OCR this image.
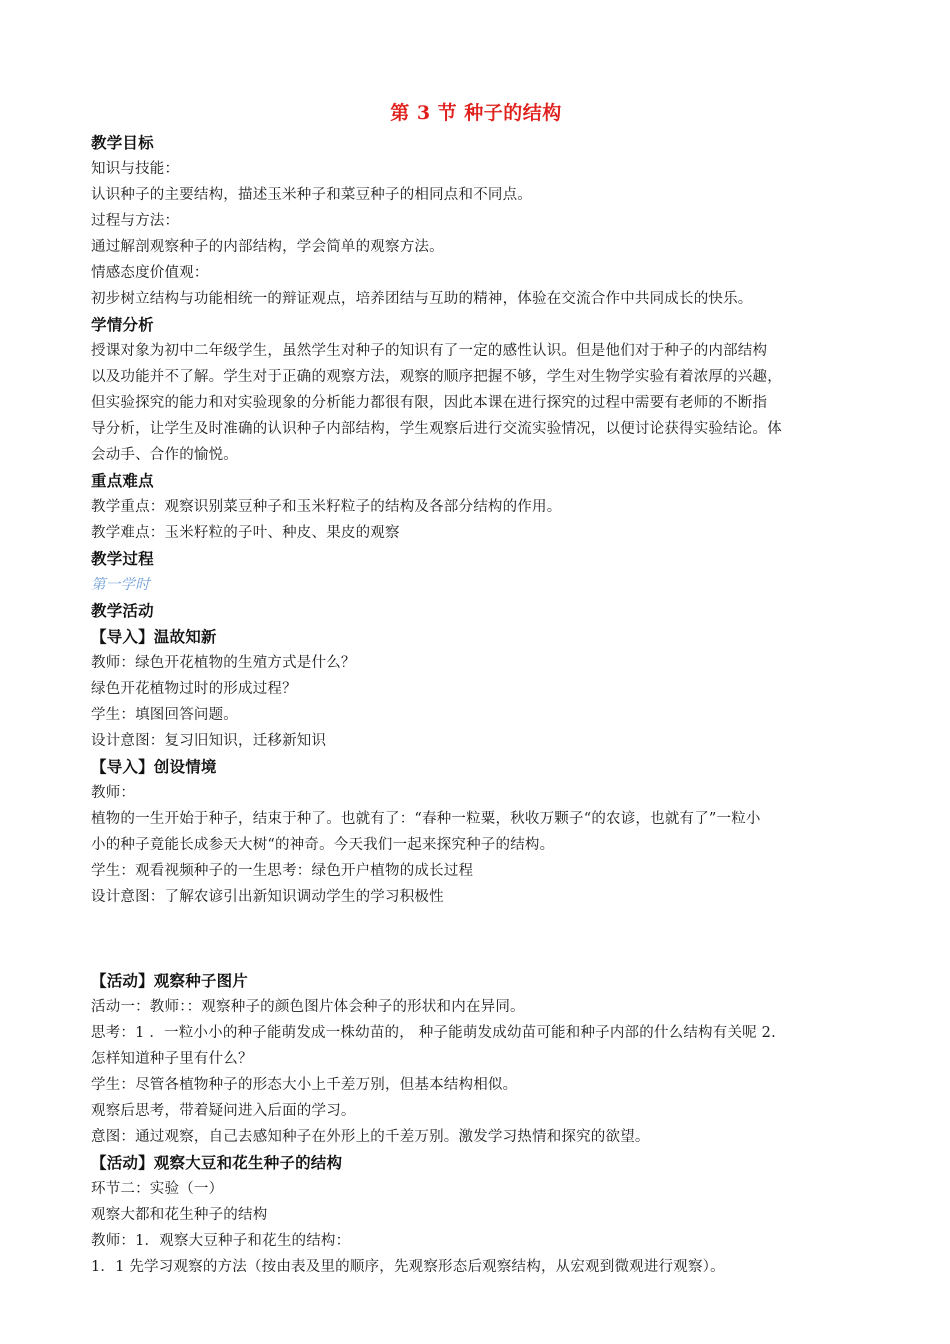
第 3 节 种子的结构

教学目标

知识与技能：

认识种子的主要结构，描述玉米种子和菜豆种子的相同点和不同点。

过程与方法：

通过解剖观察种子的内部结构，学会简单的观察方法。

情感态度价值观：

初步树立结构与功能相统一的辩证观点，培养团结与互助的精神，体验在交流合作中共同成长的快乐。

学情分析

授课对象为初中二年级学生，虽然学生对种子的知识有了一定的感性认识。但是他们对于种子的内部结构

以及功能并不了解。学生对于正确的观察方法，观察的顺序把握不够，学生对生物学实验有着浓厚的兴趣，

但实验探究的能力和对实验现象的分析能力都很有限，因此本课在进行探究的过程中需要有老师的不断指

导分析，让学生及时准确的认识种子内部结构，学生观察后进行交流实验情况，以便讨论获得实验结论。体

会动手、合作的愉悦。

重点难点

教学重点：观察识别菜豆种子和玉米籽粒子的结构及各部分结构的作用。

教学难点：玉米籽粒的子叶、种皮、果皮的观察

教学过程

第一学时

教学活动

【导入】温故知新

教师：绿色开花植物的生殖方式是什么？

绿色开花植物过时的形成过程？

学生：填图回答问题。

设计意图：复习旧知识，迁移新知识

【导入】创设情境

教师：

植物的一生开始于种子，结束于种了。也就有了：“春种一粒粟，秋收万颗子“的农谚，也就有了”一粒小

小的种子竟能长成参天大树“的神奇。今天我们一起来探究种子的结构。

学生：观看视频种子的一生思考：绿色开户植物的成长过程

设计意图：了解农谚引出新知识调动学生的学习积极性

【活动】观察种子图片

活动一：教师：：观察种子的颜色图片体会种子的形状和内在异同。

思考：1 ．一粒小小的种子能萌发成一株幼苗的， 种子能萌发成幼苗可能和种子内部的什么结构有关呢 2.

怎样知道种子里有什么？

学生：尽管各植物种子的形态大小上千差万别，但基本结构相似。

观察后思考，带着疑问进入后面的学习。

意图：通过观察，自己去感知种子在外形上的千差万别。激发学习热情和探究的欲望。

【活动】观察大豆和花生种子的结构

环节二：实验（一）

观察大都和花生种子的结构

教师：1．观察大豆种子和花生的结构：

1．1 先学习观察的方法（按由表及里的顺序，先观察形态后观察结构，从宏观到微观进行观察）。
